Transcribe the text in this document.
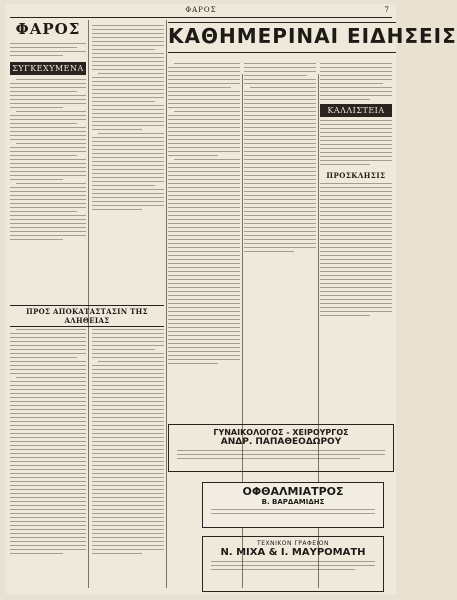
ΦΑΡΟΣ	7
ΦΑΡΟΣ
ΣΥΓΚΕΧΥΜΕΝΑ
ΠΡΟΣ ΑΠΟΚΑΤΑΣΤΑΣΙΝ ΤΗΣ ΑΛΗΘΕΙΑΣ
ΚΑΘΗΜΕΡΙΝΑΙ ΕΙΔΗΣΕΙΣ
ΚΑΛΛΙΣΤΕΙΑ
ΠΡΟΣΚΛΗΣΙΣ
ΓΥΝΑΙΚΟΛΟΓΟΣ - ΧΕΙΡΟΥΡΓΟΣ
ΑΝΔΡ. ΠΑΠΑΘΕΟΔΩΡΟΥ
ΟΦΘΑΛΜΙΑΤΡΟΣ
Β. ΒΑΡΔΑΜΙΔΗΣ
ΤΕΧΝΙΚΟΝ ΓΡΑΦΕΙΟΝ
Ν. ΜΙΧΑ & Ι. ΜΑΥΡΟΜΑΤΗ
